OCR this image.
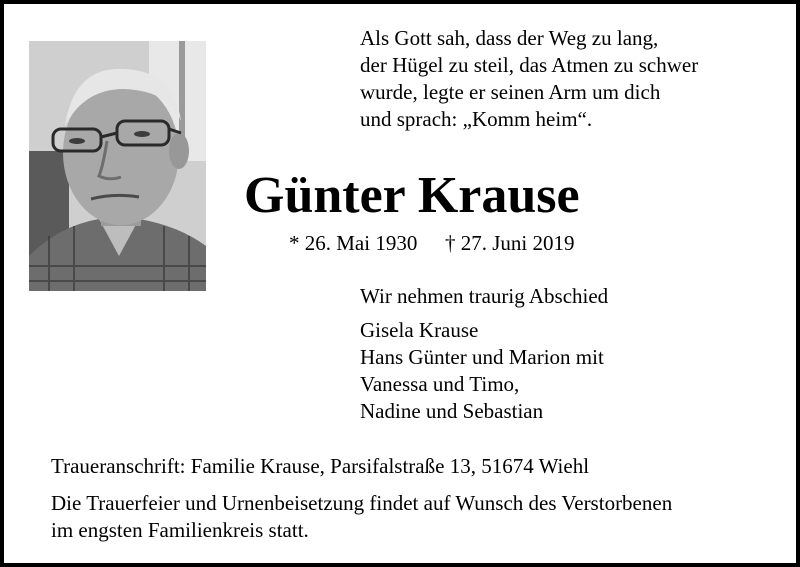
Als Gott sah, dass der Weg zu lang,
der Hügel zu steil, das Atmen zu schwer
wurde, legte er seinen Arm um dich
und sprach: „Komm heim“.
Günter Krause
* 26. Mai 1930 † 27. Juni 2019
Wir nehmen traurig Abschied
Gisela Krause
Hans Günter und Marion mit
Vanessa und Timo,
Nadine und Sebastian
Traueranschrift: Familie Krause, Parsifalstraße 13, 51674 Wiehl
Die Trauerfeier und Urnenbeisetzung findet auf Wunsch des Verstorbenen
im engsten Familienkreis statt.
